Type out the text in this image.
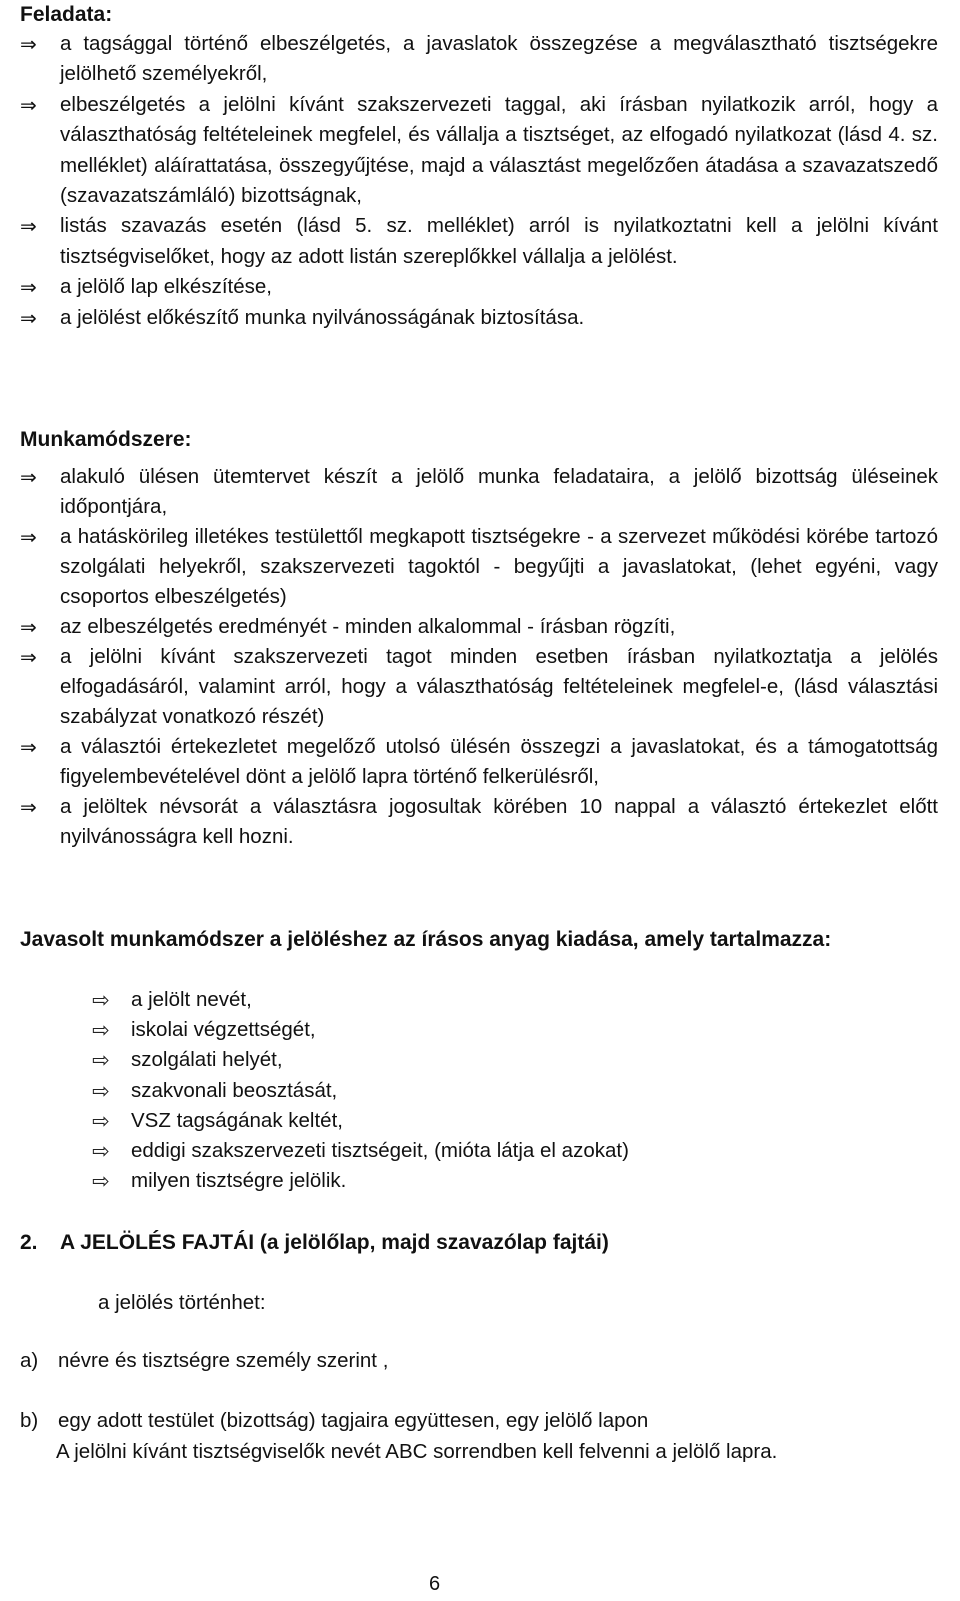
Feladata:

⇒	a tagsággal történő elbeszélgetés, a javaslatok összegzése a megválasztható tisztségekre jelölhető személyekről,
⇒	elbeszélgetés a jelölni kívánt szakszervezeti taggal, aki írásban nyilatkozik arról, hogy a választhatóság feltételeinek megfelel, és vállalja a tisztséget, az elfogadó nyilatkozat (lásd 4. sz. melléklet) aláírattatása, összegyűjtése, majd a választást megelőzően átadása a szavazatszedő (szavazatszámláló) bizottságnak,
⇒	listás szavazás esetén (lásd 5. sz. melléklet) arról is nyilatkoztatni kell a jelölni kívánt tisztségviselőket, hogy az adott listán szereplőkkel vállalja a jelölést.
⇒	a jelölő lap elkészítése,
⇒	a jelölést előkészítő munka nyilvánosságának biztosítása.

Munkamódszere:

⇒	alakuló ülésen ütemtervet készít a jelölő munka feladataira, a jelölő bizottság üléseinek időpontjára,
⇒	a hatáskörileg illetékes testülettől megkapott tisztségekre - a szervezet működési körébe tartozó szolgálati helyekről, szakszervezeti tagoktól - begyűjti a javaslatokat, (lehet egyéni, vagy csoportos elbeszélgetés)
⇒	az elbeszélgetés eredményét - minden alkalommal - írásban rögzíti,
⇒	a jelölni kívánt szakszervezeti tagot minden esetben írásban nyilatkoztatja a jelölés elfogadásáról, valamint arról, hogy a választhatóság feltételeinek megfelel-e, (lásd választási szabályzat vonatkozó részét)
⇒	a választói értekezletet megelőző utolsó ülésén összegzi a javaslatokat, és a támogatottság figyelembevételével dönt a jelölő lapra történő felkerülésről,
⇒	a jelöltek névsorát a választásra jogosultak körében 10 nappal a választó értekezlet előtt nyilvánosságra kell hozni.

Javasolt munkamódszer a jelöléshez az írásos anyag kiadása, amely tartalmazza:

⇨	a jelölt nevét,
⇨	iskolai végzettségét,
⇨	szolgálati helyét,
⇨	szakvonali beosztását,
⇨	VSZ tagságának keltét,
⇨	eddigi szakszervezeti tisztségeit, (mióta látja el azokat)
⇨	milyen tisztségre jelölik.

2. A JELÖLÉS FAJTÁI (a jelölőlap, majd szavazólap fajtái)

a jelölés történhet:

a) névre és tisztségre személy szerint ,

b) egy adott testület (bizottság) tagjaira együttesen, egy jelölő lapon

A jelölni kívánt tisztségviselők nevét ABC sorrendben kell felvenni a jelölő lapra.

6
